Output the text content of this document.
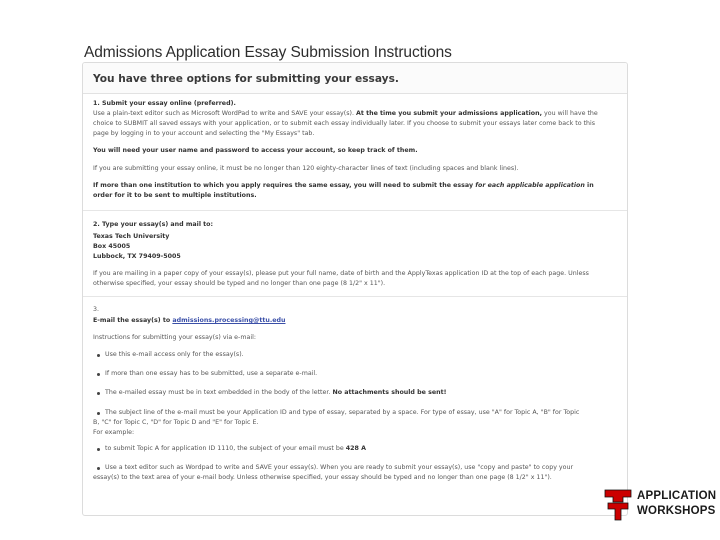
Admissions Application Essay Submission Instructions
You have three options for submitting your essays.
1. Submit your essay online (preferred).
Use a plain-text editor such as Microsoft WordPad to write and SAVE your essay(s). At the time you submit your admissions application, you will have the
choice to SUBMIT all saved essays with your application, or to submit each essay individually later. If you choose to submit your essays later come back to this
page by logging in to your account and selecting the "My Essays" tab.
You will need your user name and password to access your account, so keep track of them.
If you are submitting your essay online, it must be no longer than 120 eighty-character lines of text (including spaces and blank lines).
If more than one institution to which you apply requires the same essay, you will need to submit the essay for each applicable application in
order for it to be sent to multiple institutions.
2. Type your essay(s) and mail to:
Texas Tech University
Box 45005
Lubbock, TX 79409-5005
If you are mailing in a paper copy of your essay(s), please put your full name, date of birth and the ApplyTexas application ID at the top of each page. Unless
otherwise specified, your essay should be typed and no longer than one page (8 1/2" x 11").
3.
E-mail the essay(s) to admissions.processing@ttu.edu
Instructions for submitting your essay(s) via e-mail:
Use this e-mail access only for the essay(s).
If more than one essay has to be submitted, use a separate e-mail.
The e-mailed essay must be in text embedded in the body of the letter. No attachments should be sent!
The subject line of the e-mail must be your Application ID and type of essay, separated by a space. For type of essay, use "A" for Topic A, "B" for Topic
B, "C" for Topic C, "D" for Topic D and "E" for Topic E.
For example:
to submit Topic A for application ID 1110, the subject of your email must be 428 A
Use a text editor such as Wordpad to write and SAVE your essay(s). When you are ready to submit your essay(s), use "copy and paste" to copy your
essay(s) to the text area of your e-mail body. Unless otherwise specified, your essay should be typed and no longer than one page (8 1/2" x 11").
APPLICATION
WORKSHOPS
